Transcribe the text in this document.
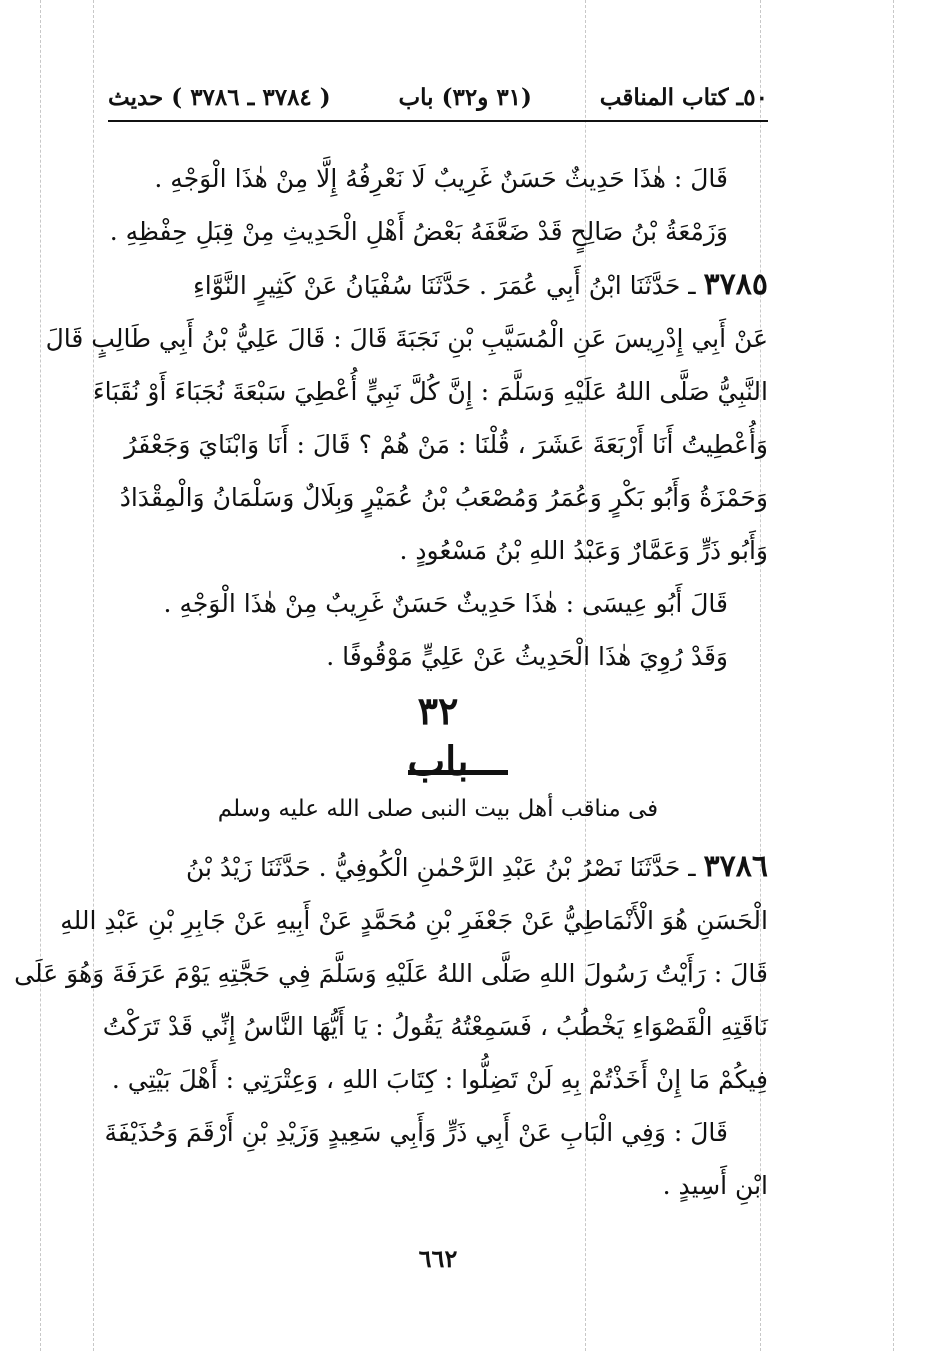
٥٠ـ كتاب المناقب
(٣١ و٣٢) باب
( ٣٧٨٤ ـ ٣٧٨٦ ) حديث
قَالَ : هٰذَا حَدِيثٌ حَسَنٌ غَرِيبٌ لَا نَعْرِفُهُ إِلَّا مِنْ هٰذَا الْوَجْهِ .
وَزَمْعَةُ بْنُ صَالِحٍ قَدْ ضَعَّفَهُ بَعْضُ أَهْلِ الْحَدِيثِ مِنْ قِبَلِ حِفْظِهِ .
٣٧٨٥ ـ حَدَّثَنَا ابْنُ أَبِي عُمَرَ . حَدَّثَنَا سُفْيَانُ عَنْ كَثِيرٍ النَّوَّاءِ
عَنْ أَبِي إِدْرِيسَ عَنِ الْمُسَيَّبِ بْنِ نَجَبَةَ قَالَ : قَالَ عَلِيُّ بْنُ أَبِي طَالِبٍ قَالَ
النَّبِيُّ صَلَّى اللهُ عَلَيْهِ وَسَلَّمَ : إِنَّ كُلَّ نَبِيٍّ أُعْطِيَ سَبْعَةَ نُجَبَاءَ أَوْ نُقَبَاءَ
وَأُعْطِيتُ أَنَا أَرْبَعَةَ عَشَرَ ، قُلْنَا : مَنْ هُمْ ؟ قَالَ : أَنَا وَابْنَايَ وَجَعْفَرُ
وَحَمْزَةُ وَأَبُو بَكْرٍ وَعُمَرُ وَمُصْعَبُ بْنُ عُمَيْرٍ وَبِلَالٌ وَسَلْمَانُ وَالْمِقْدَادُ
وَأَبُو ذَرٍّ وَعَمَّارٌ وَعَبْدُ اللهِ بْنُ مَسْعُودٍ .
قَالَ أَبُو عِيسَى : هٰذَا حَدِيثٌ حَسَنٌ غَرِيبٌ مِنْ هٰذَا الْوَجْهِ .
وَقَدْ رُوِيَ هٰذَا الْحَدِيثُ عَنْ عَلِيٍّ مَوْقُوفًا .
٣٢
باب
فى مناقب أهل بيت النبى صلى الله عليه وسلم
٣٧٨٦ ـ حَدَّثَنَا نَصْرُ بْنُ عَبْدِ الرَّحْمٰنِ الْكُوفِيُّ . حَدَّثَنَا زَيْدُ بْنُ
الْحَسَنِ هُوَ الْأَنْمَاطِيُّ عَنْ جَعْفَرِ بْنِ مُحَمَّدٍ عَنْ أَبِيهِ عَنْ جَابِرِ بْنِ عَبْدِ اللهِ
قَالَ : رَأَيْتُ رَسُولَ اللهِ صَلَّى اللهُ عَلَيْهِ وَسَلَّمَ فِي حَجَّتِهِ يَوْمَ عَرَفَةَ وَهُوَ عَلَى
نَاقَتِهِ الْقَصْوَاءِ يَخْطُبُ ، فَسَمِعْتُهُ يَقُولُ : يَا أَيُّهَا النَّاسُ إِنِّي قَدْ تَرَكْتُ
فِيكُمْ مَا إِنْ أَخَذْتُمْ بِهِ لَنْ تَضِلُّوا : كِتَابَ اللهِ ، وَعِتْرَتِي : أَهْلَ بَيْتِي .
قَالَ : وَفِي الْبَابِ عَنْ أَبِي ذَرٍّ وَأَبِي سَعِيدٍ وَزَيْدِ بْنِ أَرْقَمَ وَحُذَيْفَةَ
ابْنِ أَسِيدٍ .
٦٦٢
